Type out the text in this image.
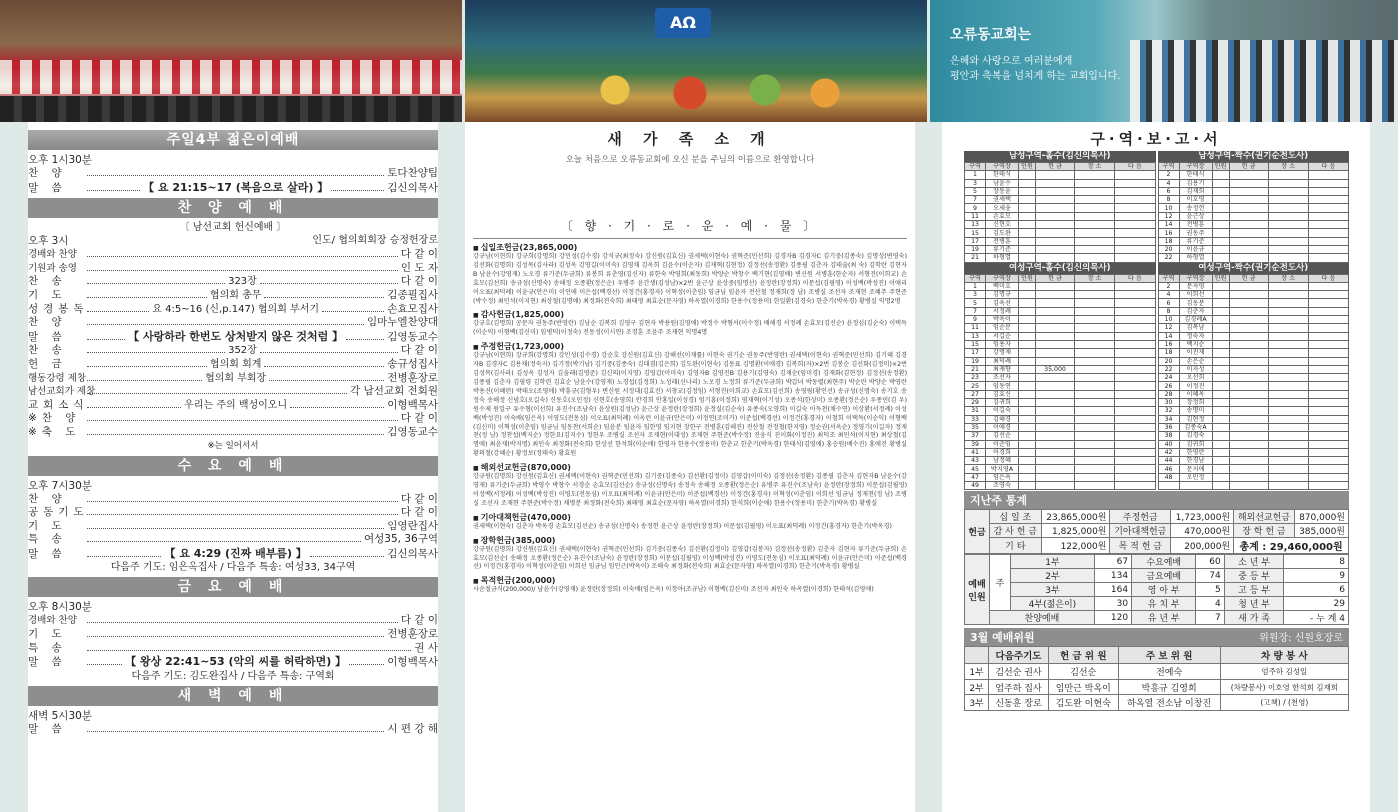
AΩ
오류동교회는
은혜와 사랑으로 여러분에게
평안과 축복을 넘치게 하는 교회입니다.
주일4부 젊은이예배
오후 1시30분
찬 양	토다찬양팀
말 씀	【 요 21:15~17 (복음으로 살라) 】	김신의목사
찬 양 예 배
〔 남선교회 헌신예배 〕
오후 3시	인도/ 협의회회장 승정헌장로
경배와 찬양	다 같 이
기원과 송영	인 도 자
찬 송	323장	다 같 이
기 도	협의회 총무	김종필집사
성경봉독	요 4:5~16 (신,p.147) 협의회 부서기	손효모집사
찬 양	임마누엘찬양대
말 씀	【 사랑하라 한번도 상처받지 않은 것처럼 】	김영동교수
찬 송	352장	다 같 이
헌 금	협의회 회계	송규성집사
행동강령 제창	협의회 부회장	전병훈장로
남선교회가 제창	각 남선교회 전회원
교회소식	우리는 주의 백성이오니	이형백목사
※찬 양	다 같 이
※축 도	김영동교수
※는 일어서서
수 요 예 배
오후 7시30분
찬 양	다 같 이
공동기도	다 같 이
기 도	임영란집사
특 송	여성35, 36구역
말 씀	【 요 4:29 (진짜 배부름) 】	김신의목사
다음주 기도: 임은옥집사 / 다음주 특송: 여성33, 34구역
금 요 예 배
오후 8시30분
경배와 찬양	다 같 이
기 도	전병훈장로
특 송	권 사
말 씀	【 왕상 22:41~53 (악의 씨를 허락하면) 】	이형백목사
다음주 기도: 김도완집사 / 다음주 특송: 구역회
새 벽 예 배
새벽 5시30분
말 씀	시 편 강 해
새 가 족 소 개
오늘 처음으로 오류동교회에 오신 분을 주님의 이름으로 환영합니다
〔 향 · 기 · 로 · 운 · 예 · 물 〕
■ 십일조헌금(23,865,000)
강규남(이현희) 강규희(강명희) 강민성(김수경) 강석규(최정숙) 강신원(김효신) 권세택(이현숙) 권혁준(민선희) 김경자B 김경자C 김기중(김종숙) 김명성(변영숙) 김선화(김명희) 김성목(김사라) 김성옥 김영길(이미숙) 김영채 김옥희 김윤수(이순자) 김재혁(김현정) 김정선(송정환) 김종필 김춘자 김태술(최 숙) 김학란 김현자B 남윤수(강영재) 노오경 류기준(두금희) 류봉희 류춘영(김신자) 류한숙 박영희(최동희) 박양순 박창수 백기현(김영배) 변신원 서병훈(한순자) 서형진(이희교) 손효모(김선희) 송규성(신명숙) 송해정 오종환(정은순) 우병주 윤간생(김성남)×2번 윤근상 윤상중(임명선) 윤정란(장정희) 이문섭(김필영) 이성백(박성진) 이애리 이오표(최덕례) 이윤규(안은미) 이인애 이은섭(백경선) 이정건(홍경자) 이혁성(이춘임) 임금님 임윤자 전산철 정재희(정 남) 조병실 조선자 조재현 조혜주 주현준(박수정) 최민석(이지현) 최상철(김명애) 최정화(전숙희) 최태영 최효순(문자영) 하옥열(이경희) 한용수(정용미) 한일환(김경숙) 한춘기(박옥경) 황병실 익명2명
■ 감사헌금(1,825,000)
강규호(김명희) 공문자 권동주(반영란) 김남순 김복희 김영구 김현자 박용원(김영애) 박정수 박형서(이수정) 배해경 서정례 손효모(김선순) 윤정심(김순숙) 이택독(이순익) 이형백(김신미) 임병덕(이정숙) 전동성(이시연) 조경훈 조윤주 조재현 익명4명
■ 주정헌금(1,723,000)
강규남(이현희) 강규희(강명희) 강민성(김수경) 강순호 강신원(김효신) 강해선(이재률) 이현숙 권기순 권동주(반영란) 권세택(이현숙) 권혁준(민선희) 김기혜 김경자B 김경자C 김용채(정숙자) 김기정(박기남) 김기중(김종숙) 김대겸(김은희) 김도완(이현숙) 김동표 김명환(이애경) 김복희(자)×2번 김봉순 김선화(김정미)×2번 김성목(김사라) 김성옥 김성자 김을래(김영준) 김신의(이지영) 김영갑(이미숙) 김영자B 김영진B 김용기(김영숙) 김재순(임미경) 김재화(김현정) 김정선(송정환) 김종필 김춘자 김필령 김학련 김효순 남윤수(강영재) 노경섭(김정희) 노성래(신나리) 노오경 노정희 류기준(두금희) 박갑녀 박동렬(최현주) 박순란 박양순 박영란 박용신(이혜련) 박태오(조영애) 박흥규(김형우) 변신원 서정대(김효진) 서창교(김정임) 서형진(이희교) 손효모(김선희) 송영림(황인선) 송규성(신명숙) 송기호 송정숙 송해정 신념호(오길숙) 신동호(오민정) 신현호(송영희) 안경희 안홍일(이성경) 엄기홍(이정희) 염재혁(이기성) 오종석(한상미) 오종환(정은순) 우종민(김 우) 원수제 원일구 유수형(이선희) 유진수(조남숙) 윤상원(김성남) 윤근상 윤정란(장정희) 윤정실(김순숙) 유종숙(오영희) 이길숙 이득천(채수연) 이상환(서정례) 이성백(박성진) 이숙배(임은옥) 이영도(전동심) 이오표(최덕례) 이옥런 이윤규(안은미) 이정연(조미가) 이준섭(백경선) 이정건(홍경자) 이철희 이택독(이순익) 이형백(김신미) 이혁성(이춘임) 임금님 임동찬(서희순) 임윤분 임윤자 임한영 임지현 장한구 전병훈(김해진) 전산철 전정철(한지영) 정순권(서옥순) 정영기(이길자) 정재천(정 남) 정찬섭(백지순) 정한요(김지수) 정현우 조병실 조선자 조재현(이대성) 조재현 주현준(박수정) 진웅식 진이화(이정진) 최덕조 최민석(이지현) 최상철(김명애) 최윤재(박지명) 최인숙 최정화(전숙희) 한상선 한석희(이순애) 한영자 한용수(정용미) 한춘교 한춘기(박옥경) 한태석(김영애) 홍승원(배수진) 홍애진 황병실 황의철(강혜순) 황정보(정태숙) 황효원
■ 해외선교헌금(870,000)
강규원(김명희) 강신원(김효신) 권세택(이현숙) 권혁준(민선희) 김기중(김종숙) 김선환(김정미) 김영갑(이미숙) 김정선(송정환) 김종필 김춘자 김현자B 남윤수(강영재) 류기준(두금희) 박영수 박창수 서경순 손효모(김선순) 송규성(신명숙) 송정숙 송해정 오종환(정은순) 유병주 유진수(조남숙) 윤정란(장정희) 이문섭(김필영) 이성백(서정례) 이성백(박성진) 이영도(전동심) 이오표(최덕례) 이윤규(안은미) 이준섭(백경선) 이정건(홍경자) 이혁성(이춘임) 이희선 임금님 정재천(정 남) 조병실 조선자 조재현 주현준(박수정) 채명분 최정화(전숙희) 최태영 최효순(문자영) 하옥열(이경희) 한석희(이순애) 한용수(정용미) 한춘기(박옥경) 황병실
■ 기아대책헌금(470,000)
권세택(이현숙) 김춘자 박옥경 손효모(김선순) 송규성(신명숙) 송정헌 윤근상 윤정란(장정희) 이문섭(김필영) 이오표(최덕례) 이정건(홍경자) 한춘기(박옥경)
■ 장학헌금(385,000)
강규원(김명희) 강신원(김효신) 권세택(이현숙) 권혁준(민선희) 김기중(김종숙) 김선환(김정미) 김영갑(김봉자) 김정선(송정환) 김춘자 김현자 류기준(두금희) 손효모(김선순) 송해정 오종환(정은순) 유진수(조남숙) 윤정란(장정희) 이문섭(김필영) 이성백(박성진) 이영도(전동심) 이오표(최덕례) 이윤규(안은미) 이준섭(백경선) 이정건(홍경자) 이혁성(이춘임) 이희선 임금님 임인근(박옥이) 조해숙 최정화(전숙희) 최효순(문자영) 하옥열(이경희) 한춘기(박옥경) 황병실
■ 목적헌금(200,000)
사순절금식(200,000)/ 남윤수(강영재) 윤정란(장정희) 이숙배(임은옥) 이정아(조규남) 이형백(김신미) 조선자 최인숙 하옥열(이경희) 한태석(김영애)
구·역·보·고·서
남성구역-홀수(김신의목사)
구역	구역장	인원	헌 금	장 소	다 음
1	한태식				
3	남윤수				
5	장동윤				
7	권세택				
9	오세웅				
11	손효모				
13	신현호				
15	김도완				
17	전병훈				
19	류기준				
21	하형열				
남성구역-짝수(권기순전도사)
구역	구역장	인원	헌 금	장 소	다 음
2	한태식				
4	김용기				
6	김재희				
8	이호영				
10	송정헌				
12	윤근상				
14	전병훈				
16	권동주				
18	류기준				
20	이윤규				
22	하형열				
여성구역-홀수(김신의목사)
구역	구역장	인원	헌 금	장 소	다 음
1	백미호				
3	김명규				
5	김옥선				
7	서정례				
9	박옥이				
11	임순분				
13	서길순				
15	임용자				
17	강명재				
19	최덕례				
21	최재향		35,000		
23	조선자				
25	임동연				
27	김효신				
29	김귀희				
31	이길숙				
33	김해경				
35	이애경				
37	김선순				
39	이춘임				
41	이경희				
43	남정혜				
45	박지영A				
47	임은옥				
49	조영숙				
여성구역-짝수(권기순전도사)
구역	구역장	인원	헌 금	장 소	다 음
2	문자영				
4	이희선				
6	김동분				
8	김춘자				
10	김경례A				
12	김복남				
14	정숙자				
16	백지순				
18	이진재				
20	손은순				
22	이자성				
24	오선희				
26	이정진				
28	이혜옥				
30	장정희				
32	송명미				
34	김현정				
36	김종숙A				
38	김경숙				
40	김귀희				
42	한영란				
44	한경남				
46	문지애				
48	오민정				

지난주 통계
헌금	십 일 조	23,865,000원	주정헌금	1,723,000원	해외선교헌금	870,000원
	감 사 헌 금	1,825,000원	기아대책헌금	470,000원	장 학 헌 금	385,000원
	기 타	122,000원	목 적 헌 금	200,000원	총계 : 29,460,000원	
예배
인원	주	1부	67	수요예배	60	소 년 부	8
		2부	134	금요예배	74	중 등 부	9
		3부	164	영 아 부	5	고 등 부	6
		4부(젊은이)	30	유 치 부	4	청 년 부	29
	찬양예배		120	유 년 부	7	새 가 족	- 누 계 4
3월 예배위원	위원장: 신원호장로
	다음주기도	헌 금 위 원	주 보 위 원	차 량 봉 사
1부	김선순 권사	김선순	전예숙	엄주하 김성일
2부	엄주하 집사	임만근 박옥이	박흥규 김영희	(차량봉사) 이호영 한석희 김재희
3부	신동훈 장로	김도완 이현숙	하옥열 전소남 이창진	(고책) / (천영)
